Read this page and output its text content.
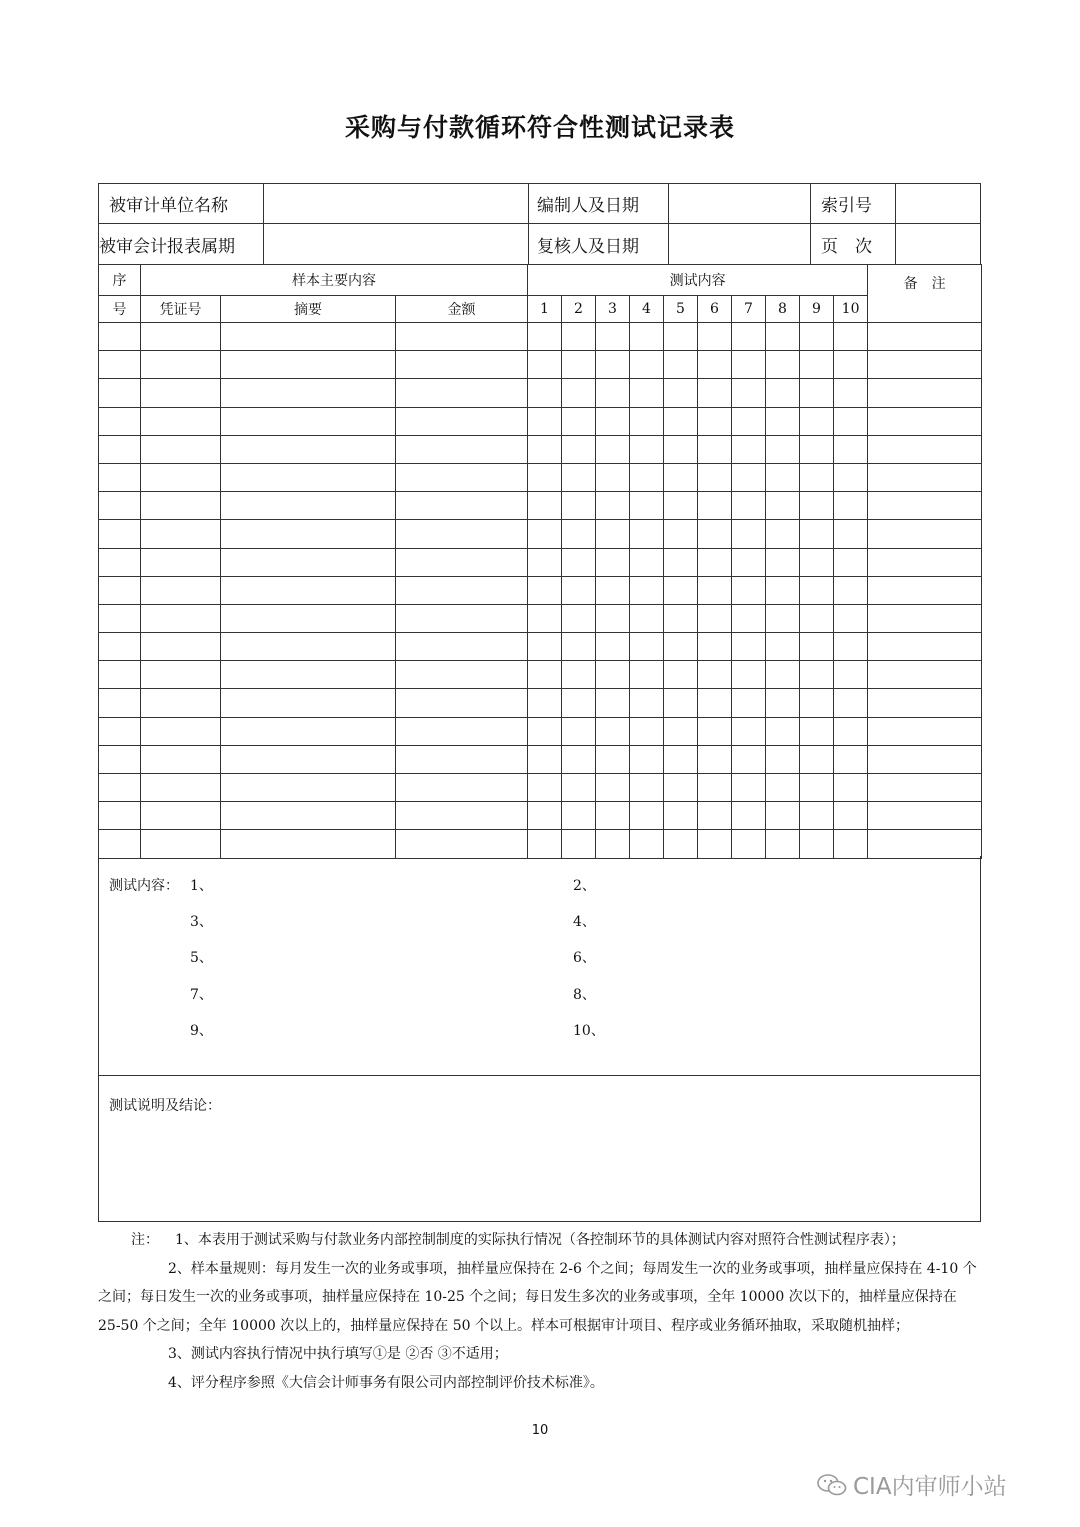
采购与付款循环符合性测试记录表
被审计单位名称	编制人及日期	索引号
被审会计报表属期	复核人及日期	页　次
序	样本主要内容			测试内容										备　注
号	凭证号	摘要	金额	1	2	3	4	5	6	7	8	9	10	

测试内容： 1、	2、
3、	4、
5、	6、
7、	8、
9、	10、
测试说明及结论：

注： 1、本表用于测试采购与付款业务内部控制制度的实际执行情况（各控制环节的具体测试内容对照符合性测试程序表）；

2、样本量规则：每月发生一次的业务或事项，抽样量应保持在 2-6 个之间；每周发生一次的业务或事项，抽样量应保持在 4-10 个之间；每日发生一次的业务或事项，抽样量应保持在 10-25 个之间；每日发生多次的业务或事项，全年 10000 次以下的，抽样量应保持在 25-50 个之间；全年 10000 次以上的，抽样量应保持在 50 个以上。样本可根据审计项目、程序或业务循环抽取，采取随机抽样；

3、测试内容执行情况中执行填写①是 ②否 ③不适用；

4、评分程序参照《大信会计师事务有限公司内部控制评价技术标准》。

10
CIA内审师小站
